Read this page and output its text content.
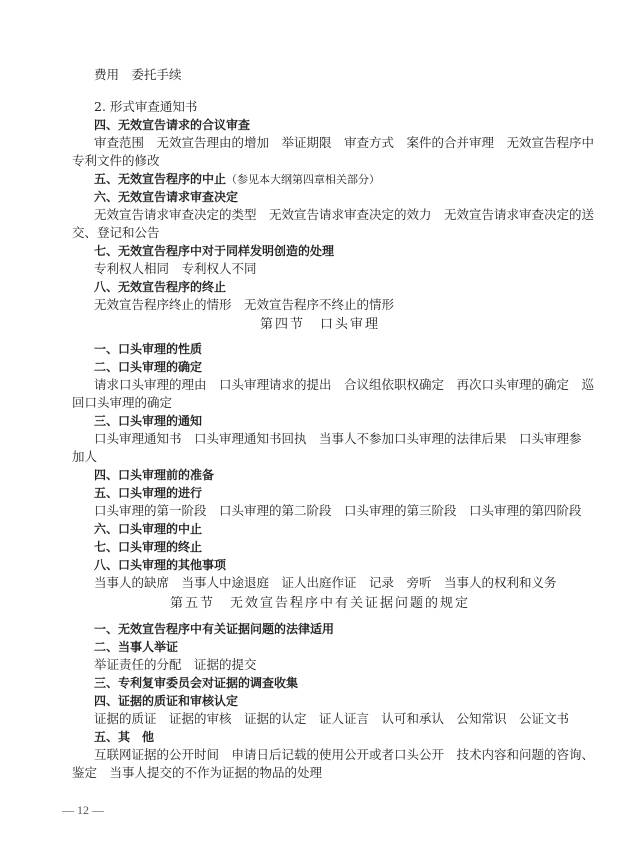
费用　委托手续
2. 形式审查通知书
四、无效宣告请求的合议审查
审查范围　无效宣告理由的增加　举证期限　审查方式　案件的合并审理　无效宣告程序中
专利文件的修改
五、无效宣告程序的中止（参见本大纲第四章相关部分）
六、无效宣告请求审查决定
无效宣告请求审查决定的类型　无效宣告请求审查决定的效力　无效宣告请求审查决定的送
交、登记和公告
七、无效宣告程序中对于同样发明创造的处理
专利权人相同　专利权人不同
八、无效宣告程序的终止
无效宣告程序终止的情形　无效宣告程序不终止的情形
第四节　口头审理
一、口头审理的性质
二、口头审理的确定
请求口头审理的理由　口头审理请求的提出　合议组依职权确定　再次口头审理的确定　巡
回口头审理的确定
三、口头审理的通知
口头审理通知书　口头审理通知书回执　当事人不参加口头审理的法律后果　口头审理参
加人
四、口头审理前的准备
五、口头审理的进行
口头审理的第一阶段　口头审理的第二阶段　口头审理的第三阶段　口头审理的第四阶段
六、口头审理的中止
七、口头审理的终止
八、口头审理的其他事项
当事人的缺席　当事人中途退庭　证人出庭作证　记录　旁听　当事人的权利和义务
第五节　无效宣告程序中有关证据问题的规定
一、无效宣告程序中有关证据问题的法律适用
二、当事人举证
举证责任的分配　证据的提交
三、专利复审委员会对证据的调查收集
四、证据的质证和审核认定
证据的质证　证据的审核　证据的认定　证人证言　认可和承认　公知常识　公证文书
五、其　他
互联网证据的公开时间　申请日后记载的使用公开或者口头公开　技术内容和问题的咨询、
鉴定　当事人提交的不作为证据的物品的处理
— 12 —
